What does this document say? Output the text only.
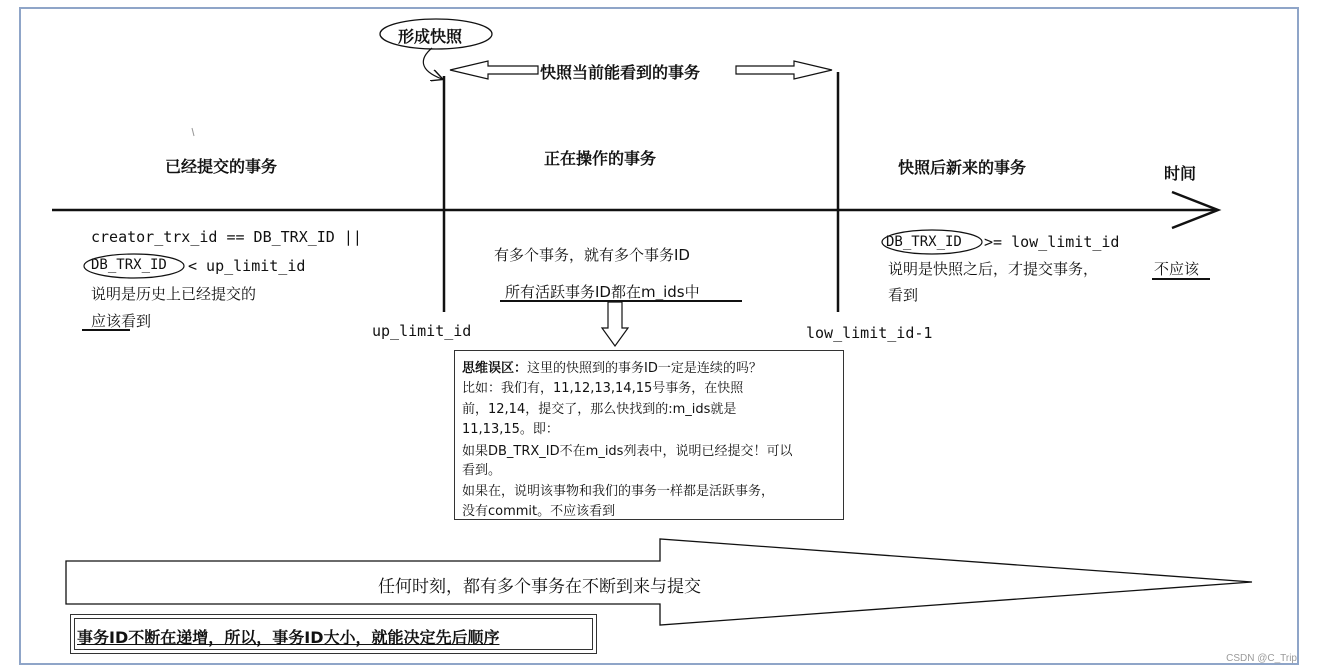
形成快照
快照当前能看到的事务
已经提交的事务	正在操作的事务	快照后新来的事务	时间
creator_trx_id == DB_TRX_ID ||
DB_TRX_ID < up_limit_id
说明是历史上已经提交的
应该看到
有多个事务，就有多个事务ID
所有活跃事务ID都在m_ids中
DB_TRX_ID >= low_limit_id
说明是快照之后，才提交事务，	不应该
看到
up_limit_id	low_limit_id-1
思维误区：这里的快照到的事务ID一定是连续的吗？
比如：我们有，11,12,13,14,15号事务，在快照
前，12,14，提交了，那么快找到的:m_ids就是
11,13,15。即：
如果DB_TRX_ID不在m_ids列表中，说明已经提交！可以
看到。
如果在，说明该事物和我们的事务一样都是活跃事务，
没有commit。不应该看到
任何时刻，都有多个事务在不断到来与提交
事务ID不断在递增，所以，事务ID大小，就能决定先后顺序
CSDN @C_Trip
